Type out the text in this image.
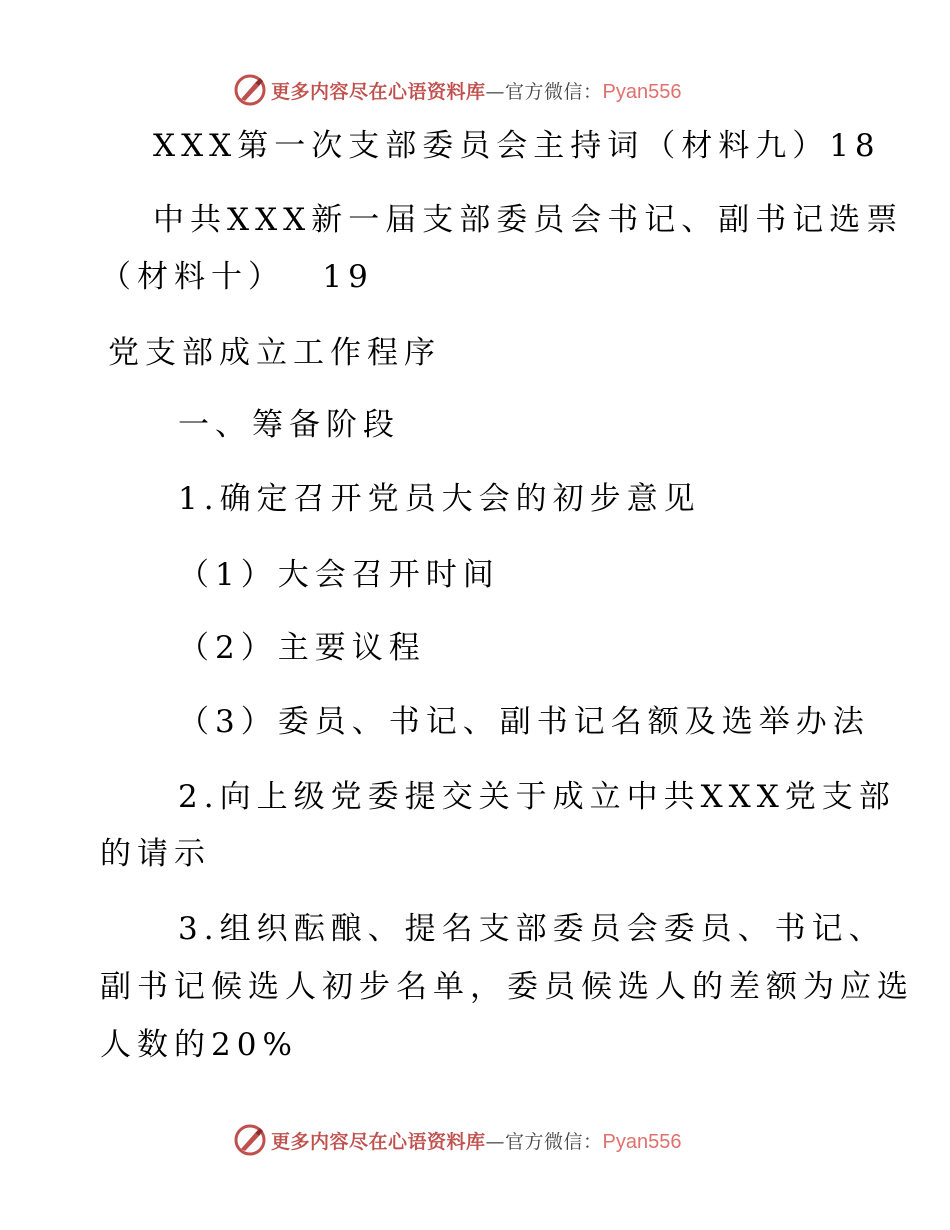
更多内容尽在心语资料库—官方微信：Pyan556
XXX第一次支部委员会主持词（材料九）18
中共XXX新一届支部委员会书记、副书记选票
（材料十）　 19
党支部成立工作程序
一、筹备阶段
1.确定召开党员大会的初步意见
（1）大会召开时间
（2）主要议程
（3）委员、书记、副书记名额及选举办法
2.向上级党委提交关于成立中共XXX党支部
的请示
3.组织酝酿、提名支部委员会委员、书记、
副书记候选人初步名单，委员候选人的差额为应选
人数的20%
更多内容尽在心语资料库—官方微信：Pyan556
